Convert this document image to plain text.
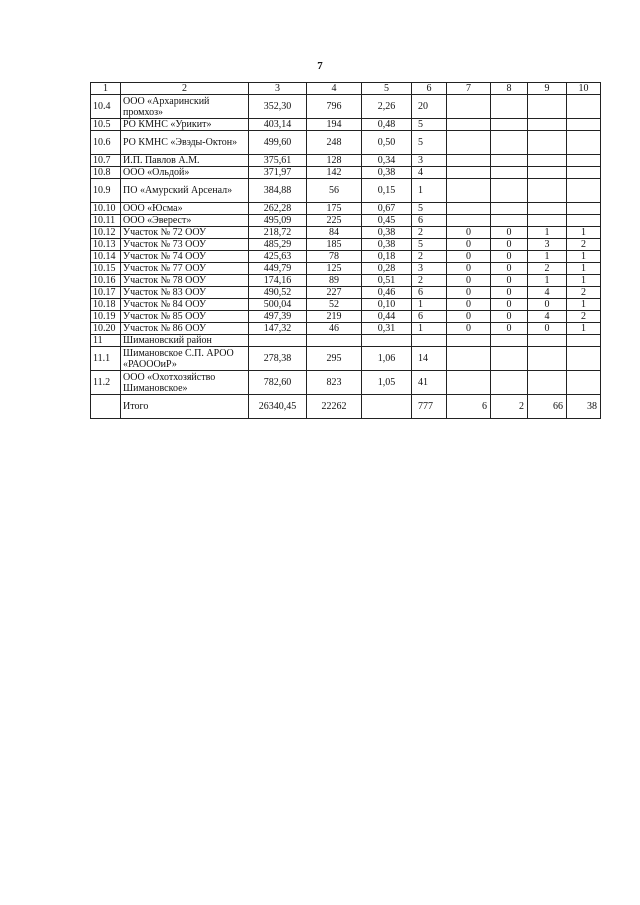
7
1	2	3	4	5	6	7	8	9	10
10.4	ООО «Архаринский промхоз»	352,30	796	2,26	20				
10.5	РО КМНС «Урикит»	403,14	194	0,48	5				
10.6	РО КМНС «Эвэды-Октон»	499,60	248	0,50	5				
10.7	И.П. Павлов А.М.	375,61	128	0,34	3				
10.8	ООО «Ольдой»	371,97	142	0,38	4				
10.9	ПО «Амурский Арсенал»	384,88	56	0,15	1				
10.10	ООО «Юсма»	262,28	175	0,67	5				
10.11	ООО «Эверест»	495,09	225	0,45	6				
10.12	Участок № 72 ООУ	218,72	84	0,38	2	0	0	1	1
10.13	Участок № 73 ООУ	485,29	185	0,38	5	0	0	3	2
10.14	Участок № 74 ООУ	425,63	78	0,18	2	0	0	1	1
10.15	Участок № 77 ООУ	449,79	125	0,28	3	0	0	2	1
10.16	Участок № 78 ООУ	174,16	89	0,51	2	0	0	1	1
10.17	Участок № 83 ООУ	490,52	227	0,46	6	0	0	4	2
10.18	Участок № 84 ООУ	500,04	52	0,10	1	0	0	0	1
10.19	Участок № 85 ООУ	497,39	219	0,44	6	0	0	4	2
10.20	Участок № 86 ООУ	147,32	46	0,31	1	0	0	0	1
11	Шимановский район								
11.1	Шимановское С.П. АРОО «РАОООиР»	278,38	295	1,06	14				
11.2	ООО «Охотхозяйство Шимановское»	782,60	823	1,05	41				
	Итого	26340,45	22262		777	6	2	66	38
